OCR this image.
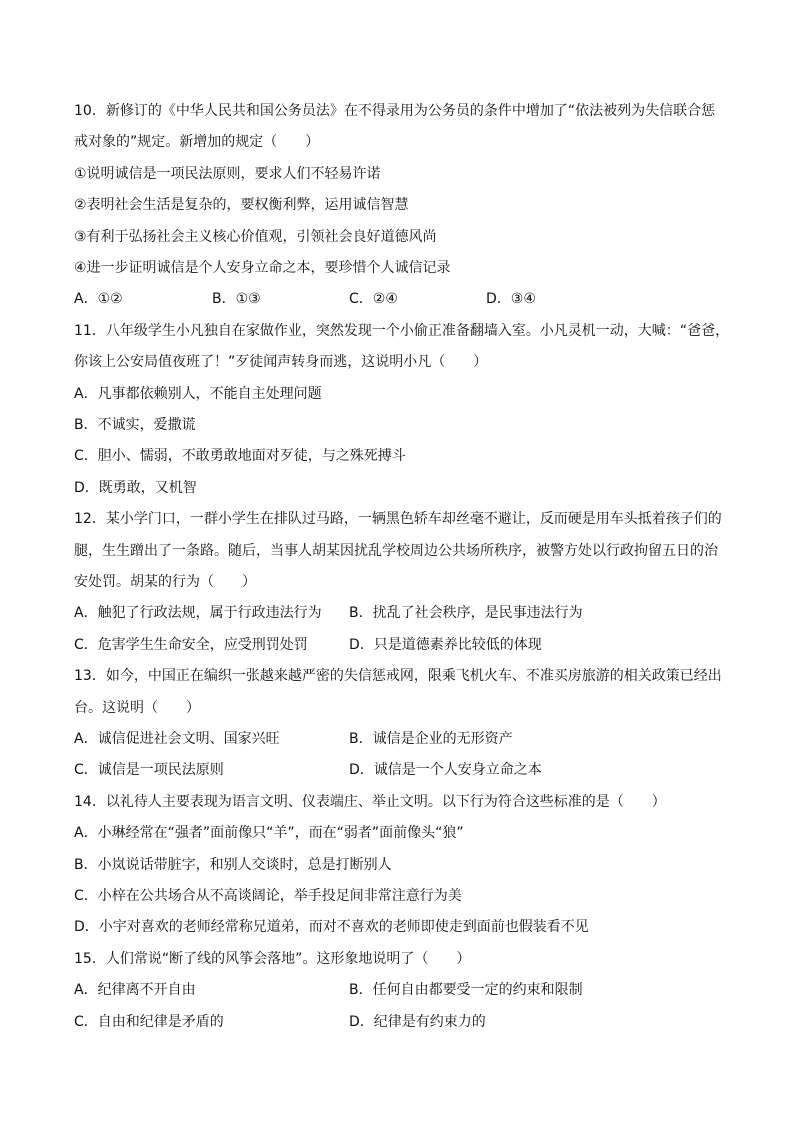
10．新修订的《中华人民共和国公务员法》在不得录用为公务员的条件中增加了“依法被列为失信联合惩
戒对象的”规定。新增加的规定（　　）
①说明诚信是一项民法原则，要求人们不轻易许诺
②表明社会生活是复杂的，要权衡利弊，运用诚信智慧
③有利于弘扬社会主义核心价值观，引领社会良好道德风尚
④进一步证明诚信是个人安身立命之本，要珍惜个人诚信记录
A．①②	B．①③	C．②④	D．③④
11．八年级学生小凡独自在家做作业，突然发现一个小偷正准备翻墙入室。小凡灵机一动，大喊：“爸爸，
你该上公安局值夜班了！”歹徒闻声转身而逃，这说明小凡（　　）
A．凡事都依赖别人，不能自主处理问题
B．不诚实，爱撒谎
C．胆小、懦弱，不敢勇敢地面对歹徒，与之殊死搏斗
D．既勇敢，又机智
12．某小学门口，一群小学生在排队过马路，一辆黑色轿车却丝毫不避让，反而硬是用车头抵着孩子们的
腿，生生蹭出了一条路。随后，当事人胡某因扰乱学校周边公共场所秩序，被警方处以行政拘留五日的治
安处罚。胡某的行为（　　）
A．触犯了行政法规，属于行政违法行为 B．扰乱了社会秩序，是民事违法行为
C．危害学生生命安全，应受刑罚处罚	D．只是道德素养比较低的体现
13．如今，中国正在编织一张越来越严密的失信惩戒网，限乘飞机火车、不准买房旅游的相关政策已经出
台。这说明（　　）
A．诚信促进社会文明、国家兴旺	B．诚信是企业的无形资产
C．诚信是一项民法原则	D．诚信是一个人安身立命之本
14．以礼待人主要表现为语言文明、仪表端庄、举止文明。以下行为符合这些标准的是（　　）
A．小琳经常在“强者”面前像只“羊”，而在“弱者”面前像头“狼”
B．小岚说话带脏字，和别人交谈时，总是打断别人
C．小梓在公共场合从不高谈阔论，举手投足间非常注意行为美
D．小宇对喜欢的老师经常称兄道弟，而对不喜欢的老师即使走到面前也假装看不见
15．人们常说“断了线的风筝会落地”。这形象地说明了（　　）
A．纪律离不开自由	B．任何自由都要受一定的约束和限制
C．自由和纪律是矛盾的	D．纪律是有约束力的
